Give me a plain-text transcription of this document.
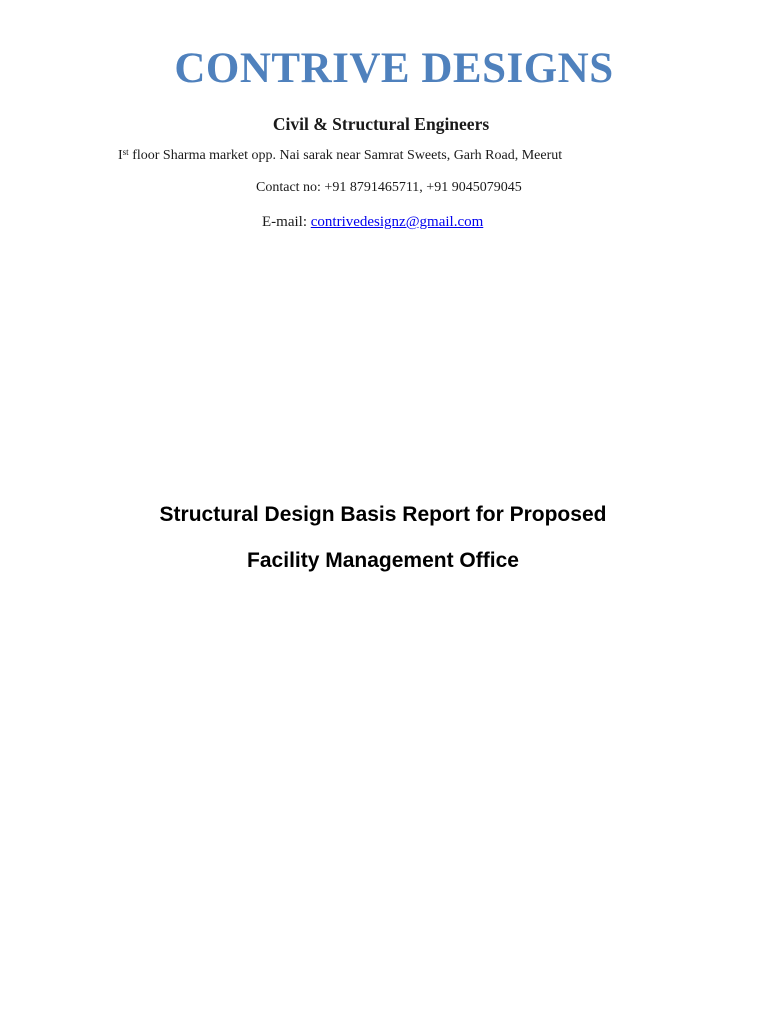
CONTRIVE DESIGNS
Civil & Structural Engineers
Ist floor Sharma market opp. Nai sarak near Samrat Sweets, Garh Road, Meerut
Contact no: +91 8791465711, +91 9045079045
E-mail: contrivedesignz@gmail.com
Structural Design Basis Report for Proposed
Facility Management Office
